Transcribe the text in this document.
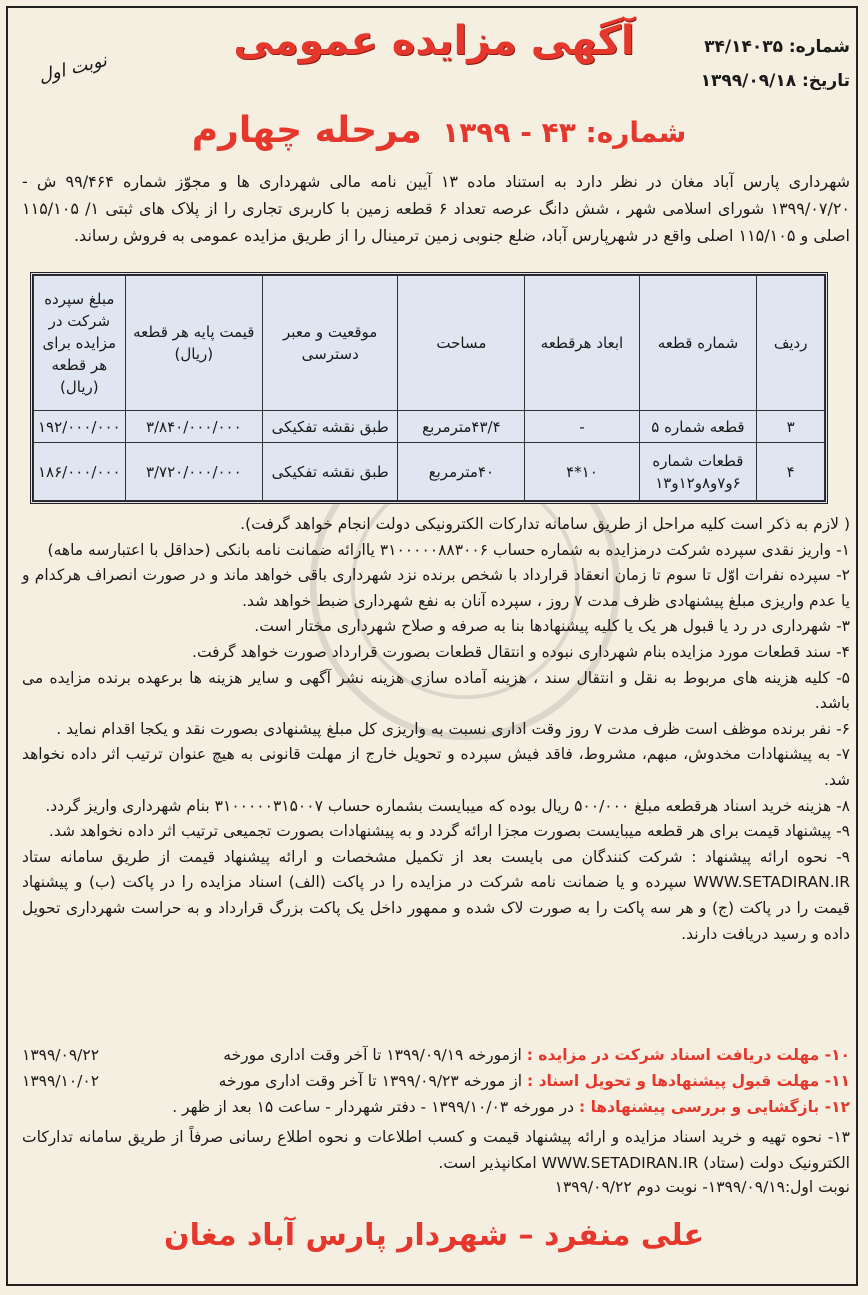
شماره: ۳۴/۱۴۰۳۵
تاریخ: ۱۳۹۹/۰۹/۱۸
آگهی مزایده عمومی
نوبت اول
شماره: ۴۳ - ۱۳۹۹    مرحله چهارم
شهرداری پارس آباد مغان در نظر دارد به استناد ماده ۱۳ آیین نامه مالی شهرداری ها و مجوّز شماره ۹۹/۴۶۴ ش - ۱۳۹۹/۰۷/۲۰ شورای اسلامی شهر ، شش دانگ عرصه تعداد ۶ قطعه زمین با کاربری تجاری را از پلاک های ثبتی ۱/ ۱۱۵/۱۰۵ اصلی و ۱۱۵/۱۰۵ اصلی واقع در شهرپارس آباد، ضلع جنوبی زمین ترمینال را از طریق مزایده عمومی به فروش رساند.
ردیف	شماره قطعه	ابعاد هرقطعه	مساحت	موقعیت و معبر دسترسی	قیمت پایه هر قطعه (ریال)	مبلغ سپرده شرکت در مزایده برای هر قطعه (ریال)
۳	قطعه شماره ۵	-	۴۳/۴مترمربع	طبق نقشه تفکیکی	۳/۸۴۰/۰۰۰/۰۰۰	۱۹۲/۰۰۰/۰۰۰
۴	قطعات شماره ۶و۷و۸و۱۲و۱۳	۱۰*۴	۴۰مترمربع	طبق نقشه تفکیکی	۳/۷۲۰/۰۰۰/۰۰۰	۱۸۶/۰۰۰/۰۰۰

( لازم به ذکر است کلیه مراحل از طریق سامانه تدارکات الکترونیکی دولت انجام خواهد گرفت).

۱- واریز نقدی سپرده شرکت درمزایده به شماره حساب ۳۱۰۰۰۰۰۸۸۳۰۰۶ یاارائه ضمانت نامه بانکی (حداقل با اعتبارسه ماهه)

۲- سپرده نفرات اوّل تا سوم تا زمان انعقاد قرارداد با شخص برنده نزد شهرداری باقی خواهد ماند و در صورت انصراف هرکدام و یا عدم واریزی مبلغ پیشنهادی ظرف مدت ۷ روز ، سپرده آنان به نفع شهرداری ضبط خواهد شد.

۳- شهرداری در رد یا قبول هر یک یا کلیه پیشنهادها بنا به صرفه و صلاح شهرداری مختار است.

۴- سند قطعات مورد مزایده بنام شهرداری نبوده و انتقال قطعات بصورت قرارداد صورت خواهد گرفت.

۵- کلیه هزینه های مربوط به نقل و انتقال سند ، هزینه آماده سازی هزینه نشر آگهی و سایر هزینه ها برعهده برنده مزایده می باشد.

۶- نفر برنده موظف است ظرف مدت ۷ روز وقت اداری نسبت به واریزی کل مبلغ پیشنهادی بصورت نقد و یکجا اقدام نماید .

۷- به پیشنهادات مخدوش، مبهم، مشروط، فاقد فیش سپرده و تحویل خارج از مهلت قانونی به هیچ عنوان ترتیب اثر داده نخواهد شد.

۸- هزینه خرید اسناد هرقطعه مبلغ ۵۰۰/۰۰۰ ریال بوده که میبایست بشماره حساب ۳۱۰۰۰۰۰۳۱۵۰۰۷ بنام شهرداری واریز گردد.

۹- پیشنهاد قیمت برای هر قطعه میبایست بصورت مجزا ارائه گردد و به پیشنهادات بصورت تجمیعی ترتیب اثر داده نخواهد شد.

۹- نحوه ارائه پیشنهاد : شرکت کنندگان می بایست بعد از تکمیل مشخصات و ارائه پیشنهاد قیمت از طریق سامانه ستاد WWW.SETADIRAN.IR سپرده و یا ضمانت نامه شرکت در مزایده را در پاکت (الف) اسناد مزایده را در پاکت (ب) و پیشنهاد قیمت را در پاکت (ج) و هر سه پاکت را به صورت لاک شده و ممهور داخل یک پاکت بزرگ قرارداد و به حراست شهرداری تحویل داده و رسید دریافت دارند.

۱۰- مهلت دریافت اسناد شرکت در مزایده : ازمورخه ۱۳۹۹/۰۹/۱۹ تا آخر وقت اداری مورخه
۱۳۹۹/۰۹/۲۲
۱۱- مهلت قبول پیشنهادها و تحویل اسناد : از مورخه ۱۳۹۹/۰۹/۲۳ تا آخر وقت اداری مورخه
۱۳۹۹/۱۰/۰۲
۱۲- بازگشایی و بررسی پیشنهادها : در مورخه ۱۳۹۹/۱۰/۰۳ - دفتر شهردار - ساعت ۱۵ بعد از ظهر .
۱۳- نحوه تهیه و خرید اسناد مزایده و ارائه پیشنهاد قیمت و کسب اطلاعات و نحوه اطلاع رسانی صرفاً از طریق سامانه تدارکات الکترونیک دولت (ستاد) WWW.SETADIRAN.IR امکانپذیر است.
نوبت اول:۱۳۹۹/۰۹/۱۹- نوبت دوم ۱۳۹۹/۰۹/۲۲
علی منفرد – شهردار پارس آباد مغان
